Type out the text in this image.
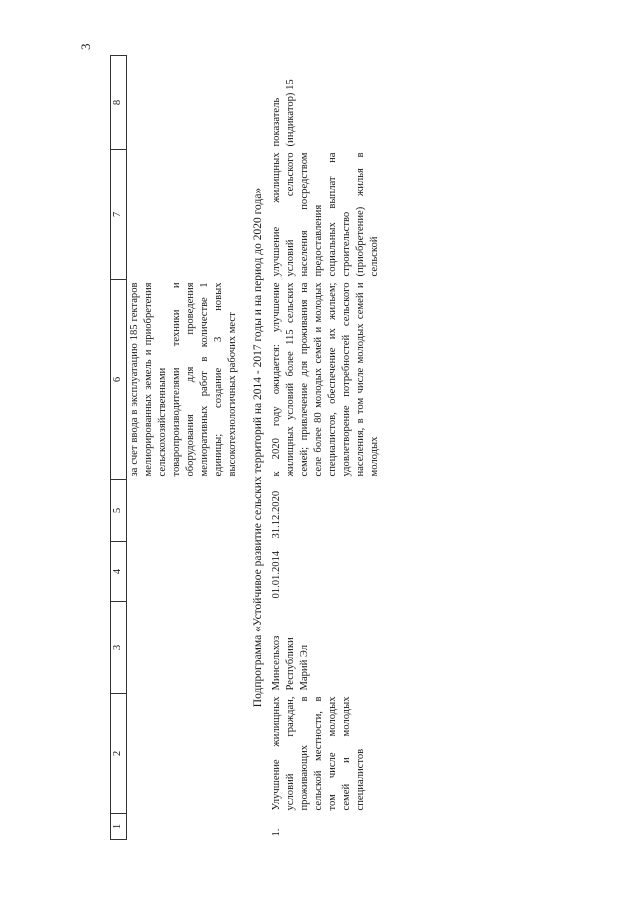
3
1	2	3	4	5	6	7	8
					за счет ввода в эксплуатацию 185 гектаров мелиорированных земель и приобретения сельскохозяйственными товаропроизводителями техники и оборудования для проведения мелиоративных работ в количестве 1 единицы; создание 3 новых высокотехнологичных рабочих мест		
Подпрограмма «Устойчивое развитие сельских территорий на 2014 - 2017 годы и на период до 2020 года»							
1.	Улучшение жилищных условий граждан, проживающих в сельской местности, в том числе молодых семей и молодых специалистов	Минсельхоз Республики Марий Эл	01.01.2014	31.12.2020	к 2020 году ожидается: улучшение жилищных условий более 115 сельских семей; привлечение для проживания на селе более 80 молодых семей и молодых специалистов, обеспечение их жильем; удовлетворение потребностей сельского населения, в том числе молодых семей и молодых	улучшение жилищных условий сельского населения посредством предоставления социальных выплат на строительство (приобретение) жилья в сельской	показатель (индикатор) 15
